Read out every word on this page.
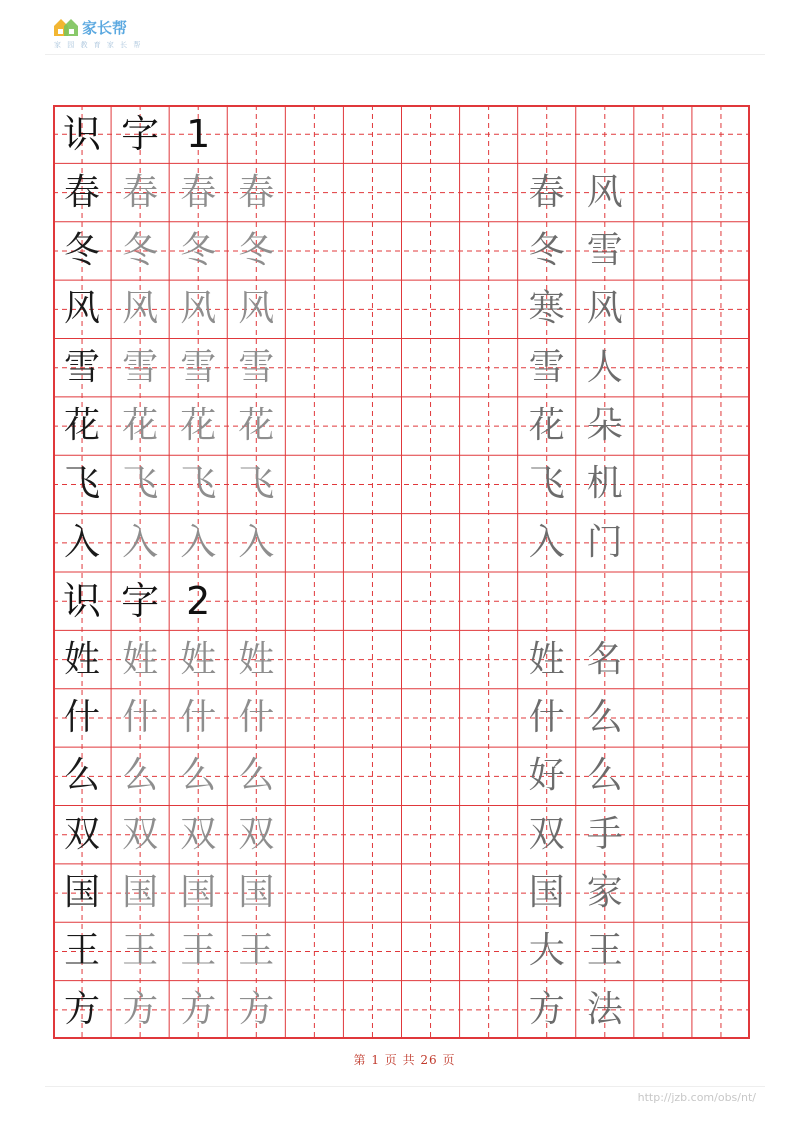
家长帮
家 园 教 育 家 长 帮
识 字 1
春 春 春 春	春 风
冬 冬 冬 冬	冬 雪
风 风 风 风	寒 风
雪 雪 雪 雪	雪 人
花 花 花 花	花 朵
飞 飞 飞 飞	飞 机
入 入 入 入	入 门
识 字 2
姓 姓 姓 姓	姓 名
什 什 什 什	什 么
么 么 么 么	好 么
双 双 双 双	双 手
国 国 国 国	国 家
王 王 王 王	大 王
方 方 方 方	方 法
第 1 页 共 26 页
http://jzb.com/obs/nt/
